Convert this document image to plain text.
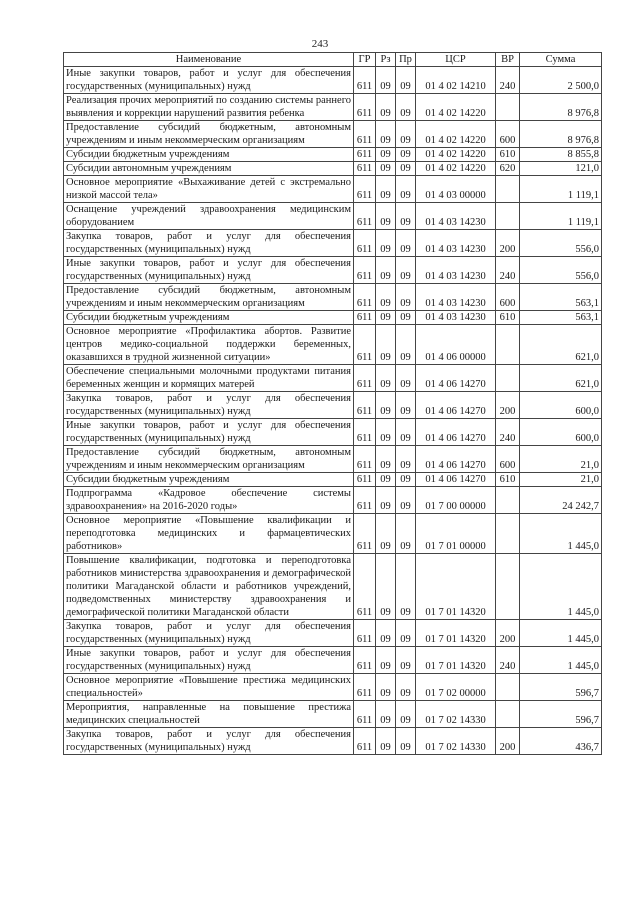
243
Наименование	ГР	Рз	Пр	ЦСР	ВР	Сумма
Иные закупки товаров, работ и услуг для обеспечения государственных (муниципальных) нужд	611	09	09	01 4 02 14210	240	2 500,0
Реализация прочих мероприятий по созданию системы раннего выявления и коррекции нарушений развития ребенка	611	09	09	01 4 02 14220		8 976,8
Предоставление субсидий бюджетным, автономным учреждениям и иным некоммерческим организациям	611	09	09	01 4 02 14220	600	8 976,8
Субсидии бюджетным учреждениям	611	09	09	01 4 02 14220	610	8 855,8
Субсидии автономным учреждениям	611	09	09	01 4 02 14220	620	121,0
Основное мероприятие «Выхаживание детей с экстремально низкой массой тела»	611	09	09	01 4 03 00000		1 119,1
Оснащение учреждений здравоохранения медицинским оборудованием	611	09	09	01 4 03 14230		1 119,1
Закупка товаров, работ и услуг для обеспечения государственных (муниципальных) нужд	611	09	09	01 4 03 14230	200	556,0
Иные закупки товаров, работ и услуг для обеспечения государственных (муниципальных) нужд	611	09	09	01 4 03 14230	240	556,0
Предоставление субсидий бюджетным, автономным учреждениям и иным некоммерческим организациям	611	09	09	01 4 03 14230	600	563,1
Субсидии бюджетным учреждениям	611	09	09	01 4 03 14230	610	563,1
Основное мероприятие «Профилактика абортов. Развитие центров медико-социальной поддержки беременных, оказавшихся в трудной жизненной ситуации»	611	09	09	01 4 06 00000		621,0
Обеспечение специальными молочными продуктами питания беременных женщин и кормящих матерей	611	09	09	01 4 06 14270		621,0
Закупка товаров, работ и услуг для обеспечения государственных (муниципальных) нужд	611	09	09	01 4 06 14270	200	600,0
Иные закупки товаров, работ и услуг для обеспечения государственных (муниципальных) нужд	611	09	09	01 4 06 14270	240	600,0
Предоставление субсидий бюджетным, автономным учреждениям и иным некоммерческим организациям	611	09	09	01 4 06 14270	600	21,0
Субсидии бюджетным учреждениям	611	09	09	01 4 06 14270	610	21,0
Подпрограмма «Кадровое обеспечение системы здравоохранения» на 2016-2020 годы»	611	09	09	01 7 00 00000		24 242,7
Основное мероприятие «Повышение квалификации и переподготовка медицинских и фармацевтических работников»	611	09	09	01 7 01 00000		1 445,0
Повышение квалификации, подготовка и переподготовка работников министерства здравоохранения и демографической политики Магаданской области и работников учреждений, подведомственных министерству здравоохранения и демографической политики Магаданской области	611	09	09	01 7 01 14320		1 445,0
Закупка товаров, работ и услуг для обеспечения государственных (муниципальных) нужд	611	09	09	01 7 01 14320	200	1 445,0
Иные закупки товаров, работ и услуг для обеспечения государственных (муниципальных) нужд	611	09	09	01 7 01 14320	240	1 445,0
Основное мероприятие «Повышение престижа медицинских специальностей»	611	09	09	01 7 02 00000		596,7
Мероприятия, направленные на повышение престижа медицинских специальностей	611	09	09	01 7 02 14330		596,7
Закупка товаров, работ и услуг для обеспечения государственных (муниципальных) нужд	611	09	09	01 7 02 14330	200	436,7
